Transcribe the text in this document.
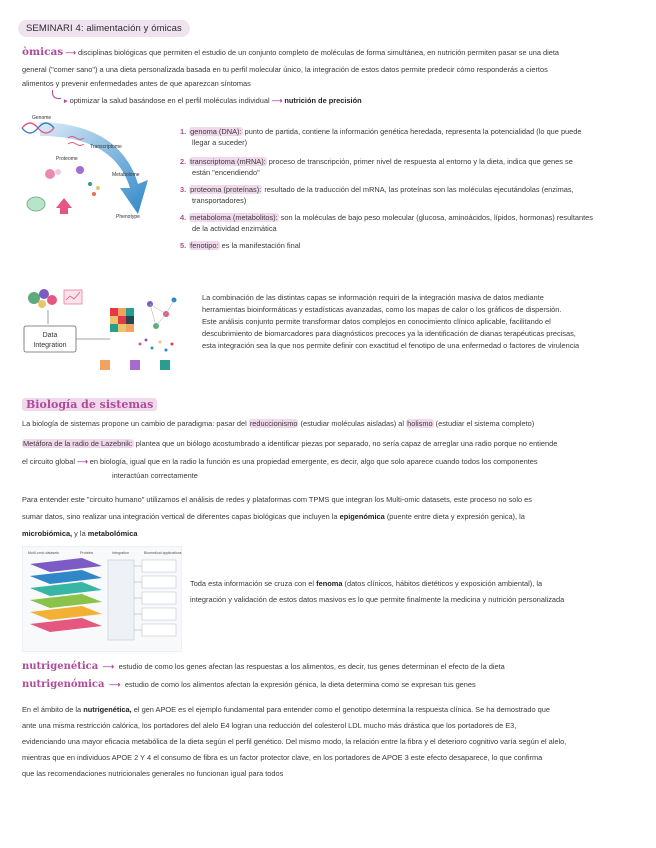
SEMINARI 4: alimentación y ómicas
òmicas ⟶ disciplinas biológicas que permiten el estudio de un conjunto completo de moléculas de forma simultánea, en nutrición permiten pasar se una dieta
general ("comer sano") a una dieta personalizada basada en tu perfil molecular único, la integración de estos datos permite predecir cómo responderás a ciertos
alimentos y prevenir enfermedades antes de que aparezcan síntomas
▸ optimizar la salud basándose en el perfil moléculas individual ⟶ nutrición de precisión
Genome
Transcriptome
Proteome
Metabolome
Phenotype
1. genoma (DNA): punto de partida, contiene la información genética heredada, representa la potencialidad (lo que puede
llegar a suceder)
2. transcriptoma (mRNA): proceso de transcripción, primer nivel de respuesta al entorno y la dieta, indica que genes se
están "encendiendo"
3. proteoma (proteínas): resultado de la traducción del mRNA, las proteínas son las moléculas ejecutándolas (enzimas,
transportadores)
4. metaboloma (metabolitos): son la moléculas de bajo peso molecular (glucosa, aminoácidos, lípidos, hormonas) resultantes
de la actividad enzimática
5. fenotipo: es la manifestación final
Data
Integration
La combinación de las distintas capas se información requiri de la integración masiva de datos mediante
herramientas bioinformáticas y estadísticas avanzadas, como los mapas de calor o los gráficos de dispersión.
Este análisis conjunto permite transformar datos complejos en conocimiento clínico aplicable, facilitando el
descubrimiento de biomarcadores para diagnósticos precoces ya la identificación de dianas terapéuticas precisas,
esta integración sea la que nos permite definir con exactitud el fenotipo de una enfermedad o factores de virulencia
Biología de sistemas
La biología de sistemas propone un cambio de paradigma: pasar del reduccionismo (estudiar moléculas aisladas) al holismo (estudiar el sistema completo)
Metáfora de la radio de Lazebnik: plantea que un biólogo acostumbrado a identificar piezas por separado, no sería capaz de arreglar una radio porque no entiende
el circuito global ⟶ en biología, igual que en la radio la función es una propiedad emergente, es decir, algo que solo aparece cuando todos los componentes
interactúan correctamente
Para entender este "circuito humano" utilizamos el análisis de redes y plataformas com TPMS que integran los Multi-omic datasets, este proceso no solo es
sumar datos, sino realizar una integración vertical de diferentes capas biológicas que incluyen la epigenómica (puente entre dieta y expresión genica), la
microbiómica, y la metabolómica
Multi-omic datasets	Proteins	Integration	Biomedical applications
Toda esta información se cruza con el fenoma (datos clínicos, hábitos dietéticos y exposición ambiental), la
integración y validación de estos datos masivos es lo que permite finalmente la medicina y nutrición personalizada
nutrigenética ⟶ estudio de como los genes afectan las respuestas a los alimentos, es decir, tus genes determinan el efecto de la dieta
nutrigenómica ⟶ estudio de como los alimentos afectan la expresión génica, la dieta determina como se expresan tus genes
En el ámbito de la nutrigenética, el gen APOE es el ejemplo fundamental para entender como el genotipo determina la respuesta clínica. Se ha demostrado que
ante una misma restricción calórica, los portadores del alelo E4 logran una reducción del colesterol LDL mucho más drástica que los portadores de E3,
evidenciando una mayor eficacia metabólica de la dieta según el perfil genético. Del mismo modo, la relación entre la fibra y el deterioro cognitivo varía según el alelo,
mientras que en individuos APOE 2 Y 4 el consumo de fibra es un factor protector clave, en los portadores de APOE 3 este efecto desaparece, lo que confirma
que las recomendaciones nutricionales generales no funcionan igual para todos
